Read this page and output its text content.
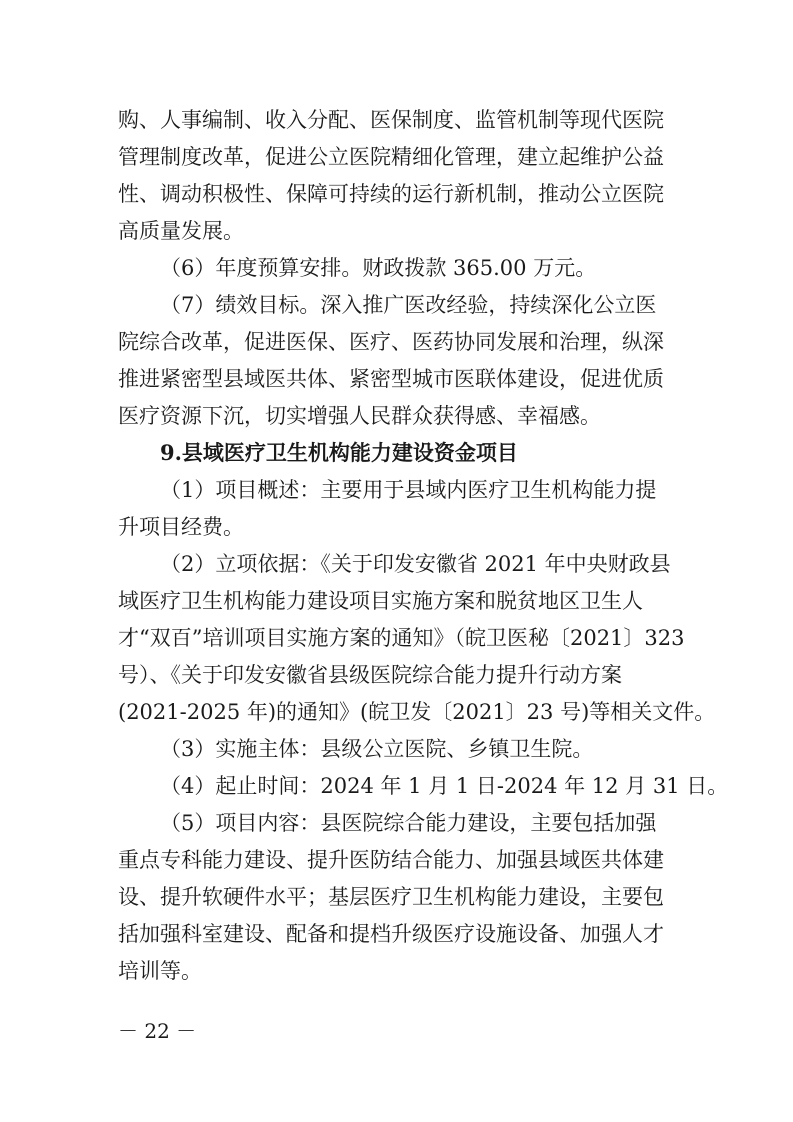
购、人事编制、收入分配、医保制度、监管机制等现代医院

管理制度改革，促进公立医院精细化管理，建立起维护公益

性、调动积极性、保障可持续的运行新机制，推动公立医院

高质量发展。

（6）年度预算安排。财政拨款 365.00 万元。

（7）绩效目标。深入推广医改经验，持续深化公立医

院综合改革，促进医保、医疗、医药协同发展和治理，纵深

推进紧密型县域医共体、紧密型城市医联体建设，促进优质

医疗资源下沉，切实增强人民群众获得感、幸福感。

9.县域医疗卫生机构能力建设资金项目

（1）项目概述：主要用于县域内医疗卫生机构能力提

升项目经费。

（2）立项依据：《关于印发安徽省 2021 年中央财政县

域医疗卫生机构能力建设项目实施方案和脱贫地区卫生人

才“双百”培训项目实施方案的通知》（皖卫医秘〔2021〕323

号）、《关于印发安徽省县级医院综合能力提升行动方案

(2021-2025 年)的通知》(皖卫发〔2021〕23 号)等相关文件。

（3）实施主体：县级公立医院、乡镇卫生院。

（4）起止时间：2024 年 1 月 1 日-2024 年 12 月 31 日。

（5）项目内容：县医院综合能力建设，主要包括加强

重点专科能力建设、提升医防结合能力、加强县域医共体建

设、提升软硬件水平；基层医疗卫生机构能力建设，主要包

括加强科室建设、配备和提档升级医疗设施设备、加强人才

培训等。

－ 22 －
